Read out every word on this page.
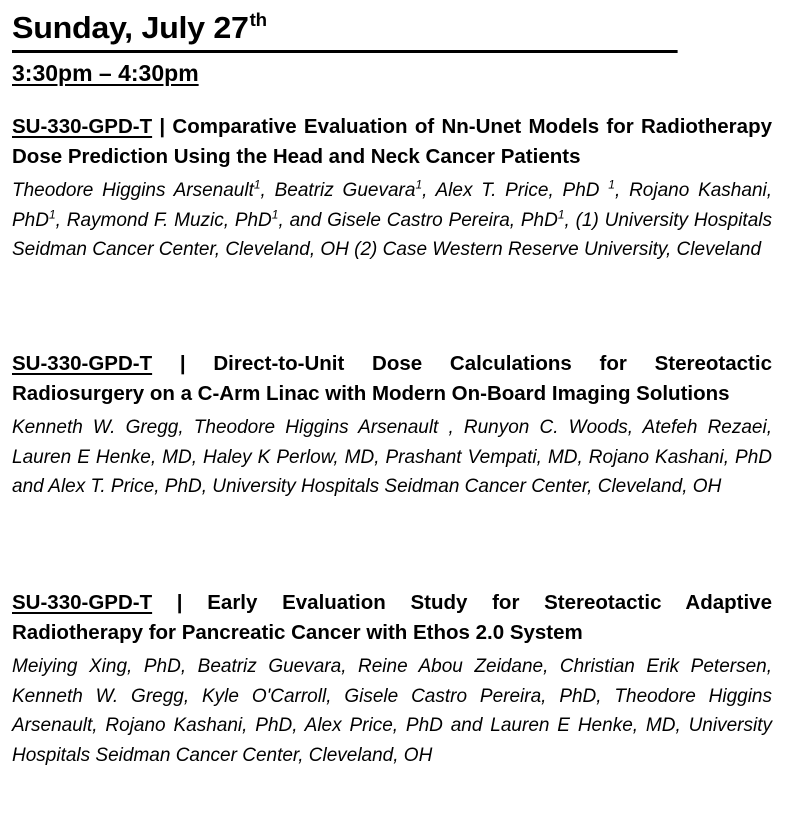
Sunday, July 27th
3:30pm – 4:30pm

SU-330-GPD-T | Comparative Evaluation of Nn-Unet Models for Radiotherapy Dose Prediction Using the Head and Neck Cancer Patients

Theodore Higgins Arsenault$^1$, Beatriz Guevara$^1$, Alex T. Price, PhD $^1$, Rojano Kashani, PhD$^1$, Raymond F. Muzic, PhD$^1$, and Gisele Castro Pereira, PhD$^1$, (1) University Hospitals Seidman Cancer Center, Cleveland, OH (2) Case Western Reserve University, Cleveland

SU-330-GPD-T | Direct-to-Unit Dose Calculations for Stereotactic Radiosurgery on a C-Arm Linac with Modern On-Board Imaging Solutions

Kenneth W. Gregg, Theodore Higgins Arsenault , Runyon C. Woods, Atefeh Rezaei, Lauren E Henke, MD, Haley K Perlow, MD, Prashant Vempati, MD, Rojano Kashani, PhD and Alex T. Price, PhD, University Hospitals Seidman Cancer Center, Cleveland, OH

SU-330-GPD-T | Early Evaluation Study for Stereotactic Adaptive Radiotherapy for Pancreatic Cancer with Ethos 2.0 System

Meiying Xing, PhD, Beatriz Guevara, Reine Abou Zeidane, Christian Erik Petersen, Kenneth W. Gregg, Kyle O'Carroll, Gisele Castro Pereira, PhD, Theodore Higgins Arsenault, Rojano Kashani, PhD, Alex Price, PhD and Lauren E Henke, MD, University Hospitals Seidman Cancer Center, Cleveland, OH
